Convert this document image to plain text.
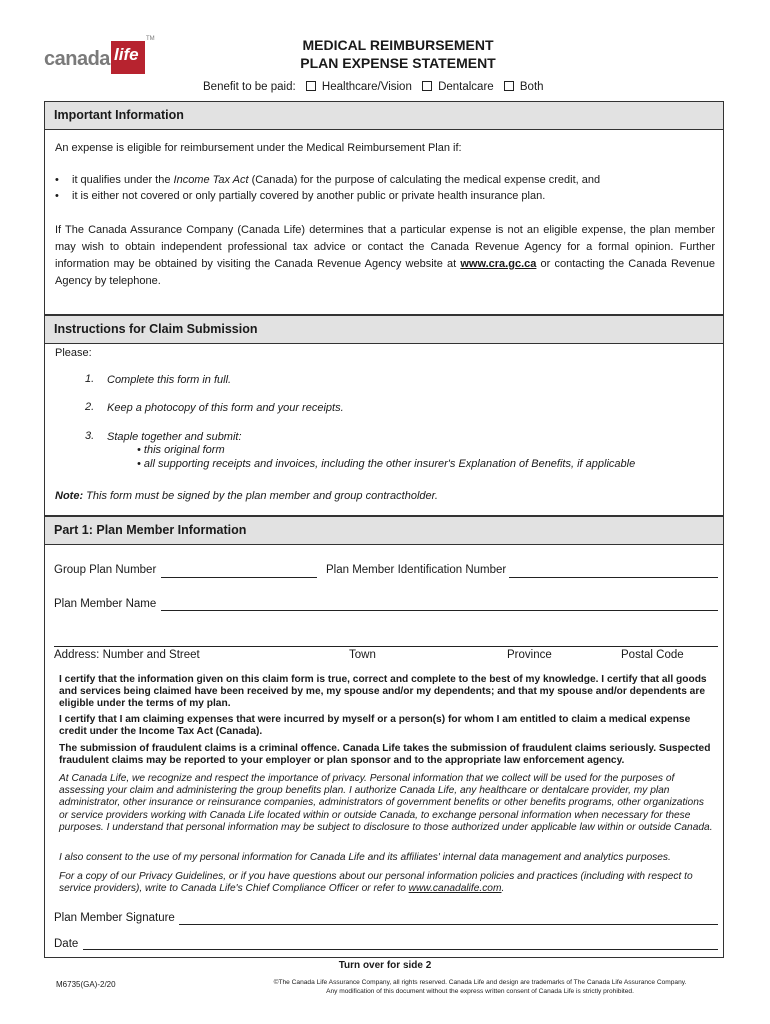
canada life
TM	MEDICAL REIMBURSEMENT
PLAN EXPENSE STATEMENT
Benefit to be paid: Healthcare/Vision Dentalcare Both
Important Information
An expense is eligible for reimbursement under the Medical Reimbursement Plan if:
• it qualifies under the Income Tax Act (Canada) for the purpose of calculating the medical expense credit, and
• it is either not covered or only partially covered by another public or private health insurance plan.
If The Canada Assurance Company (Canada Life) determines that a particular expense is not an eligible expense, the plan member may wish to obtain independent professional tax advice or contact the Canada Revenue Agency for a formal opinion. Further information may be obtained by visiting the Canada Revenue Agency website at www.cra.gc.ca or contacting the Canada Revenue Agency by telephone.
Instructions for Claim Submission
Please:
1. Complete this form in full.
2. Keep a photocopy of this form and your receipts.
3. Staple together and submit:
• this original form
• all supporting receipts and invoices, including the other insurer's Explanation of Benefits, if applicable
Note: This form must be signed by the plan member and group contractholder.
Part 1: Plan Member Information
Group Plan Number	Plan Member Identification Number
Plan Member Name
Address: Number and Street	Town	Province	Postal Code
I certify that the information given on this claim form is true, correct and complete to the best of my knowledge. I certify that all goods and services being claimed have been received by me, my spouse and/or my dependents; and that my spouse and/or dependents are eligible under the terms of my plan.
I certify that I am claiming expenses that were incurred by myself or a person(s) for whom I am entitled to claim a medical expense credit under the Income Tax Act (Canada).
The submission of fraudulent claims is a criminal offence. Canada Life takes the submission of fraudulent claims seriously. Suspected fraudulent claims may be reported to your employer or plan sponsor and to the appropriate law enforcement agency.
At Canada Life, we recognize and respect the importance of privacy. Personal information that we collect will be used for the purposes of assessing your claim and administering the group benefits plan. I authorize Canada Life, any healthcare or dentalcare provider, my plan administrator, other insurance or reinsurance companies, administrators of government benefits or other benefits programs, other organizations or service providers working with Canada Life located within or outside Canada, to exchange personal information when necessary for these purposes. I understand that personal information may be subject to disclosure to those authorized under applicable law within or outside Canada.
I also consent to the use of my personal information for Canada Life and its affiliates' internal data management and analytics purposes.
For a copy of our Privacy Guidelines, or if you have questions about our personal information policies and practices (including with respect to service providers), write to Canada Life's Chief Compliance Officer or refer to www.canadalife.com.
Plan Member Signature
Date
Turn over for side 2
M6735(GA)-2/20	©The Canada Life Assurance Company, all rights reserved. Canada Life and design are trademarks of The Canada Life Assurance Company.
Any modification of this document without the express written consent of Canada Life is strictly prohibited.
